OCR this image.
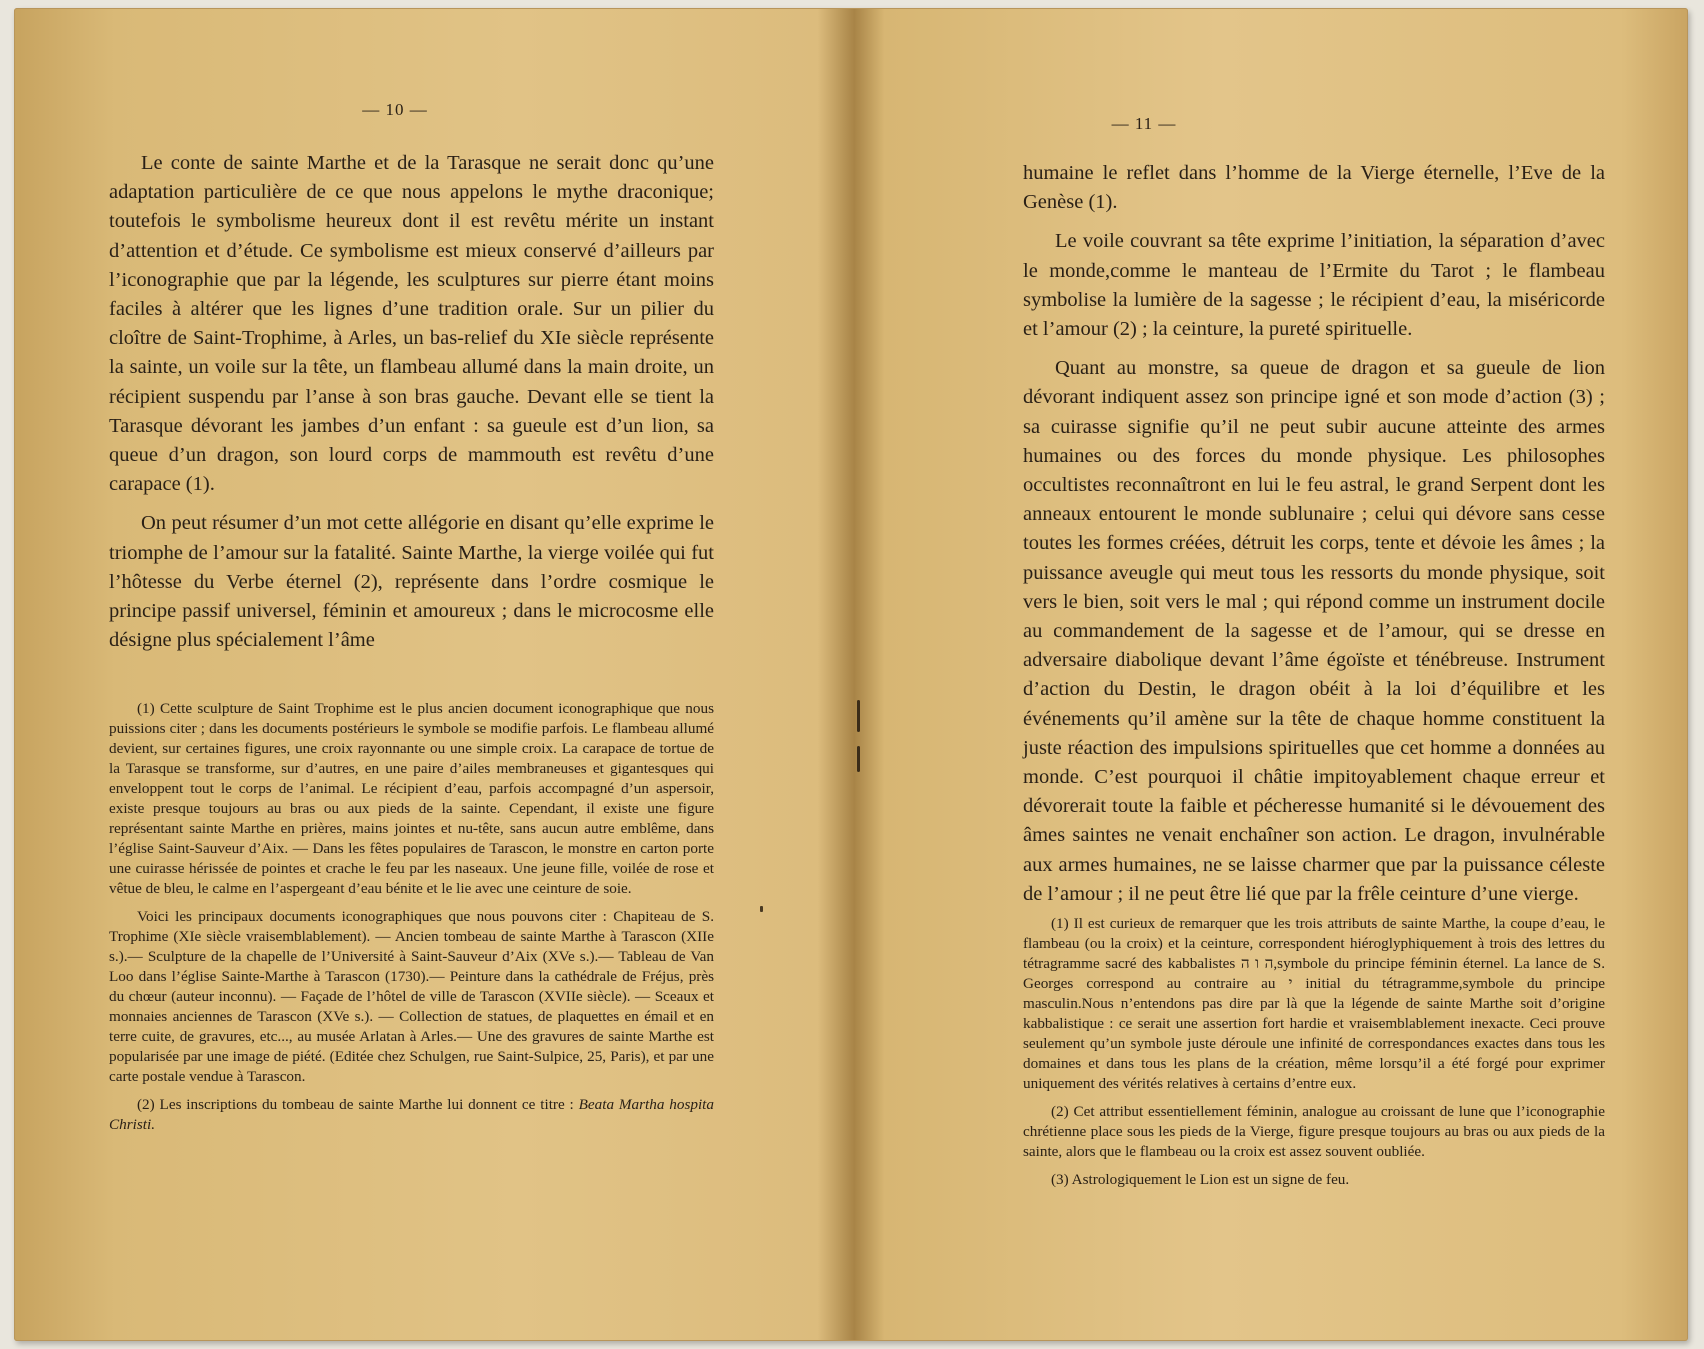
— 10 —

Le conte de sainte Marthe et de la Tarasque ne serait donc qu’une adaptation particulière de ce que nous appelons le mythe draconique; toutefois le symbolisme heureux dont il est revêtu mérite un instant d’attention et d’étude. Ce symbolisme est mieux conservé d’ailleurs par l’iconographie que par la légende, les sculptures sur pierre étant moins faciles à altérer que les lignes d’une tradition orale. Sur un pilier du cloître de Saint-Trophime, à Arles, un bas-relief du XIe siècle représente la sainte, un voile sur la tête, un flambeau allumé dans la main droite, un récipient suspendu par l’anse à son bras gauche. Devant elle se tient la Tarasque dévorant les jambes d’un enfant : sa gueule est d’un lion, sa queue d’un dragon, son lourd corps de mammouth est revêtu d’une carapace (1).

On peut résumer d’un mot cette allégorie en disant qu’elle exprime le triomphe de l’amour sur la fatalité. Sainte Marthe, la vierge voilée qui fut l’hôtesse du Verbe éternel (2), représente dans l’ordre cosmique le principe passif universel, féminin et amoureux ; dans le microcosme elle désigne plus spécialement l’âme

(1) Cette sculpture de Saint Trophime est le plus ancien document iconographique que nous puissions citer ; dans les documents postérieurs le symbole se modifie parfois. Le flambeau allumé devient, sur certaines figures, une croix rayonnante ou une simple croix. La carapace de tortue de la Tarasque se transforme, sur d’autres, en une paire d’ailes membraneuses et gigantesques qui enveloppent tout le corps de l’animal. Le récipient d’eau, parfois accompagné d’un aspersoir, existe presque toujours au bras ou aux pieds de la sainte. Cependant, il existe une figure représentant sainte Marthe en prières, mains jointes et nu-tête, sans aucun autre emblême, dans l’église Saint-Sauveur d’Aix. — Dans les fêtes populaires de Tarascon, le monstre en carton porte une cuirasse hérissée de pointes et crache le feu par les naseaux. Une jeune fille, voilée de rose et vêtue de bleu, le calme en l’aspergeant d’eau bénite et le lie avec une ceinture de soie.

Voici les principaux documents iconographiques que nous pouvons citer : Chapiteau de S. Trophime (XIe siècle vraisemblablement). — Ancien tombeau de sainte Marthe à Tarascon (XIIe s.).— Sculpture de la chapelle de l’Université à Saint-Sauveur d’Aix (XVe s.).— Tableau de Van Loo dans l’église Sainte-Marthe à Tarascon (1730).— Peinture dans la cathédrale de Fréjus, près du chœur (auteur inconnu). — Façade de l’hôtel de ville de Tarascon (XVIIe siècle). — Sceaux et monnaies anciennes de Tarascon (XVe s.). — Collection de statues, de plaquettes en émail et en terre cuite, de gravures, etc..., au musée Arlatan à Arles.— Une des gravures de sainte Marthe est popularisée par une image de piété. (Editée chez Schulgen, rue Saint-Sulpice, 25, Paris), et par une carte postale vendue à Tarascon.

(2) Les inscriptions du tombeau de sainte Marthe lui donnent ce titre : Beata Martha hospita Christi.

— 11 —

humaine le reflet dans l’homme de la Vierge éternelle, l’Eve de la Genèse (1).

Le voile couvrant sa tête exprime l’initiation, la séparation d’avec le monde,comme le manteau de l’Ermite du Tarot ; le flambeau symbolise la lumière de la sagesse ; le récipient d’eau, la miséricorde et l’amour (2) ; la ceinture, la pureté spirituelle.

Quant au monstre, sa queue de dragon et sa gueule de lion dévorant indiquent assez son principe igné et son mode d’action (3) ; sa cuirasse signifie qu’il ne peut subir aucune atteinte des armes humaines ou des forces du monde physique. Les philosophes occultistes reconnaîtront en lui le feu astral, le grand Serpent dont les anneaux entourent le monde sublunaire ; celui qui dévore sans cesse toutes les formes créées, détruit les corps, tente et dévoie les âmes ; la puissance aveugle qui meut tous les ressorts du monde physique, soit vers le bien, soit vers le mal ; qui répond comme un instrument docile au commandement de la sagesse et de l’amour, qui se dresse en adversaire diabolique devant l’âme égoïste et ténébreuse. Instrument d’action du Destin, le dragon obéit à la loi d’équilibre et les événements qu’il amène sur la tête de chaque homme constituent la juste réaction des impulsions spirituelles que cet homme a données au monde. C’est pourquoi il châtie impitoyablement chaque erreur et dévorerait toute la faible et pécheresse humanité si le dévouement des âmes saintes ne venait enchaîner son action. Le dragon, invulnérable aux armes humaines, ne se laisse charmer que par la puissance céleste de l’amour ; il ne peut être lié que par la frêle ceinture d’une vierge.

(1) Il est curieux de remarquer que les trois attributs de sainte Marthe, la coupe d’eau, le flambeau (ou la croix) et la ceinture, correspondent hiéroglyphiquement à trois des lettres du tétragramme sacré des kabbalistes ה ו ה,symbole du principe féminin éternel. La lance de S. Georges correspond au contraire au י initial du tétragramme,symbole du principe masculin.Nous n’entendons pas dire par là que la légende de sainte Marthe soit d’origine kabbalistique : ce serait une assertion fort hardie et vraisemblablement inexacte. Ceci prouve seulement qu’un symbole juste déroule une infinité de correspondances exactes dans tous les domaines et dans tous les plans de la création, même lorsqu’il a été forgé pour exprimer uniquement des vérités relatives à certains d’entre eux.

(2) Cet attribut essentiellement féminin, analogue au croissant de lune que l’iconographie chrétienne place sous les pieds de la Vierge, figure presque toujours au bras ou aux pieds de la sainte, alors que le flambeau ou la croix est assez souvent oubliée.

(3) Astrologiquement le Lion est un signe de feu.
